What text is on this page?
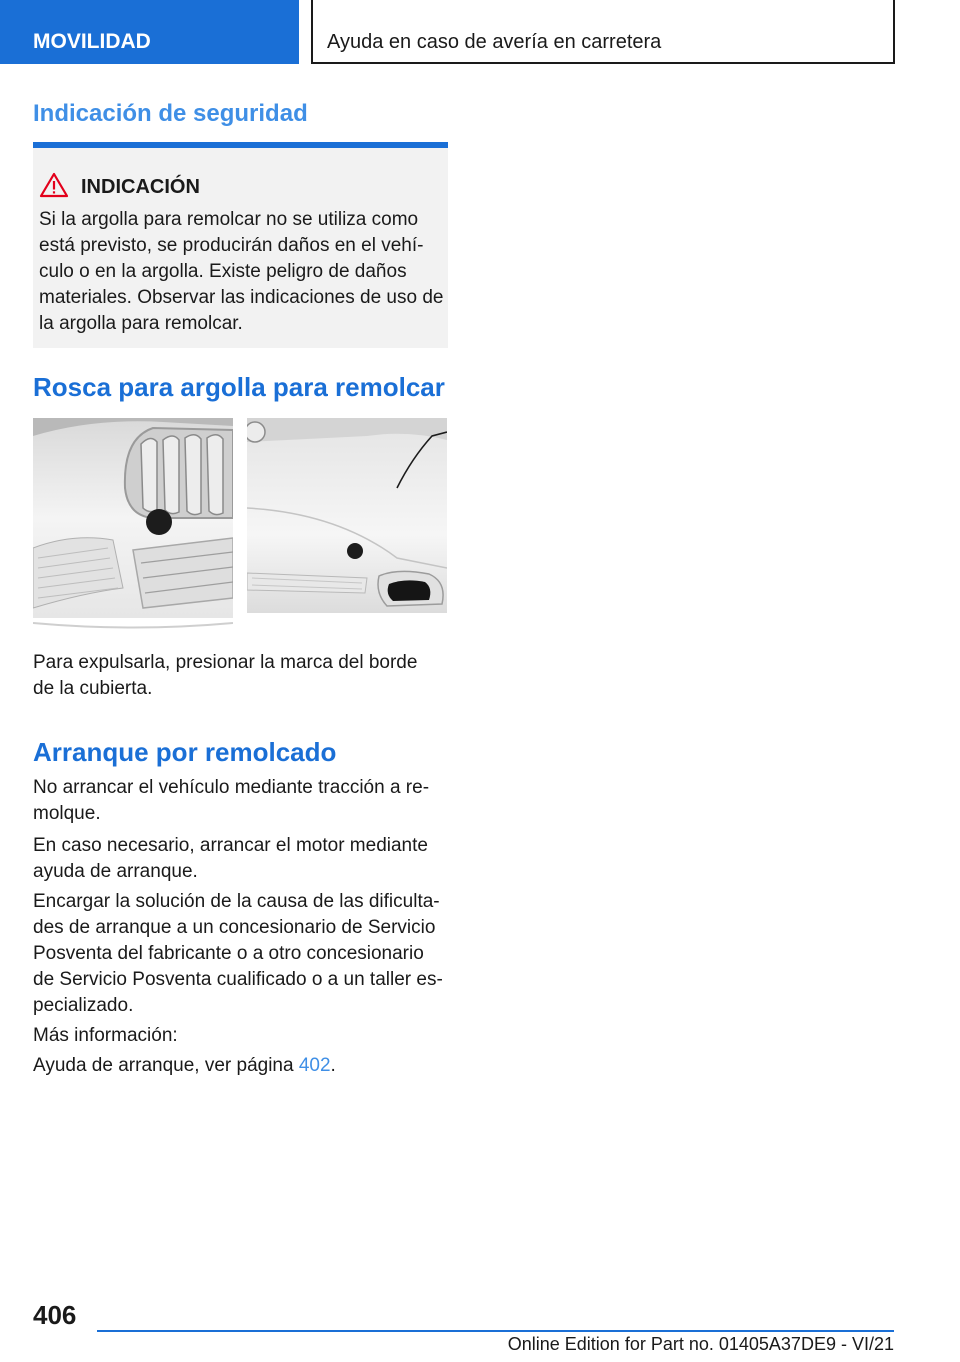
MOVILIDAD	Ayuda en caso de avería en carretera
Indicación de seguridad
INDICACIÓN

Si la argolla para remolcar no se utiliza como está previsto, se producirán daños en el vehículo o en la argolla. Existe peligro de daños materiales. Observar las indicaciones de uso de la argolla para remolcar.

Rosca para argolla para remolcar

Para expulsarla, presionar la marca del borde de la cubierta.

Arranque por remolcado

No arrancar el vehículo mediante tracción a remolque.

En caso necesario, arrancar el motor mediante ayuda de arranque.

Encargar la solución de la causa de las dificultades de arranque a un concesionario de Servicio Posventa del fabricante o a otro concesionario de Servicio Posventa cualificado o a un taller especializado.

Más información:

Ayuda de arranque, ver página 402.

406
Online Edition for Part no. 01405A37DE9 - VI/21
